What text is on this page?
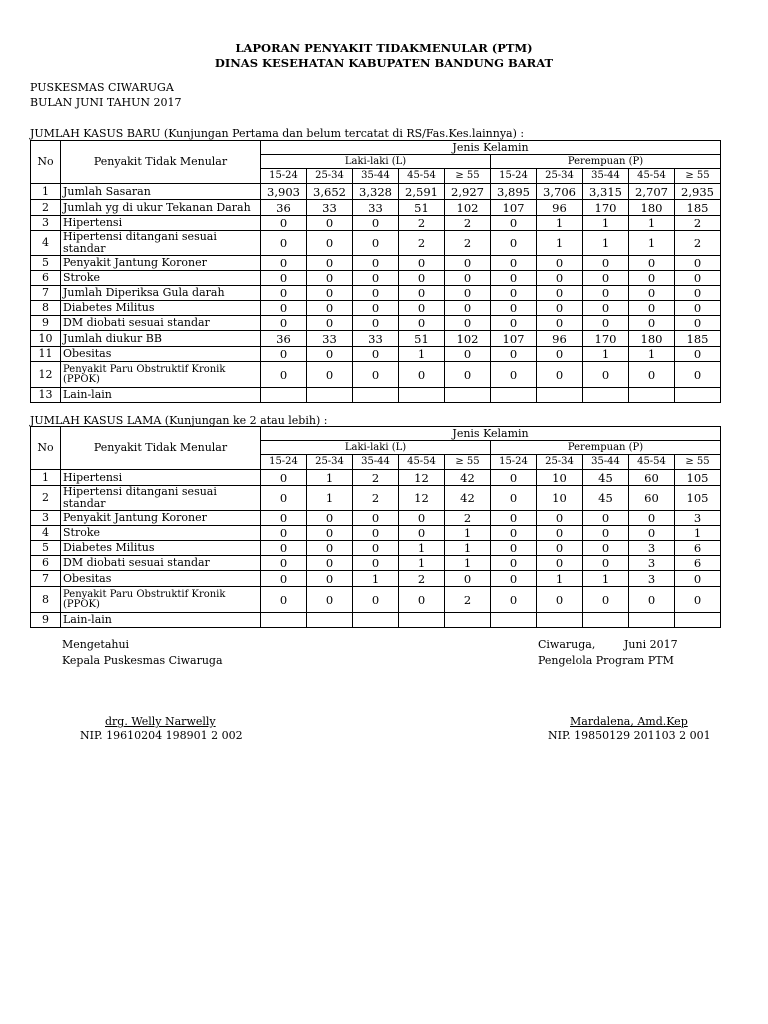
LAPORAN PENYAKIT TIDAKMENULAR (PTM)
DINAS KESEHATAN KABUPATEN BANDUNG BARAT
PUSKESMAS CIWARUGA
BULAN JUNI TAHUN 2017
JUMLAH KASUS BARU (Kunjungan Pertama dan belum tercatat di RS/Fas.Kes.lainnya) :
No	Penyakit Tidak Menular	Jenis Kelamin									
		Laki-laki (L)					Perempuan (P)				
		15-24	25-34	35-44	45-54	≥ 55	15-24	25-34	35-44	45-54	≥ 55
1	Jumlah Sasaran	3,903	3,652	3,328	2,591	2,927	3,895	3,706	3,315	2,707	2,935
2	Jumlah yg di ukur Tekanan Darah	36	33	33	51	102	107	96	170	180	185
3	Hipertensi	0	0	0	2	2	0	1	1	1	2
4	Hipertensi ditangani sesuai standar	0	0	0	2	2	0	1	1	1	2
5	Penyakit Jantung Koroner	0	0	0	0	0	0	0	0	0	0
6	Stroke	0	0	0	0	0	0	0	0	0	0
7	Jumlah Diperiksa Gula darah	0	0	0	0	0	0	0	0	0	0
8	Diabetes Militus	0	0	0	0	0	0	0	0	0	0
9	DM diobati sesuai standar	0	0	0	0	0	0	0	0	0	0
10	Jumlah diukur BB	36	33	33	51	102	107	96	170	180	185
11	Obesitas	0	0	0	1	0	0	0	1	1	0
12	Penyakit Paru Obstruktif Kronik (PPOK)	0	0	0	0	0	0	0	0	0	0
13	Lain-lain										
JUMLAH KASUS LAMA (Kunjungan ke 2 atau lebih) :
No	Penyakit Tidak Menular	Jenis Kelamin									
		Laki-laki (L)					Perempuan (P)				
		15-24	25-34	35-44	45-54	≥ 55	15-24	25-34	35-44	45-54	≥ 55
1	Hipertensi	0	1	2	12	42	0	10	45	60	105
2	Hipertensi ditangani sesuai standar	0	1	2	12	42	0	10	45	60	105
3	Penyakit Jantung Koroner	0	0	0	0	2	0	0	0	0	3
4	Stroke	0	0	0	0	1	0	0	0	0	1
5	Diabetes Militus	0	0	0	1	1	0	0	0	3	6
6	DM diobati sesuai standar	0	0	0	1	1	0	0	0	3	6
7	Obesitas	0	0	1	2	0	0	1	1	3	0
8	Penyakit Paru Obstruktif Kronik (PPOK)	0	0	0	0	2	0	0	0	0	0
9	Lain-lain										
Mengetahui
Kepala Puskesmas Ciwaruga
drg. Welly Narwelly
NIP. 19610204 198901 2 002
Ciwaruga,	Juni 2017
Pengelola Program PTM
Mardalena, Amd.Kep
NIP. 19850129 201103 2 001
